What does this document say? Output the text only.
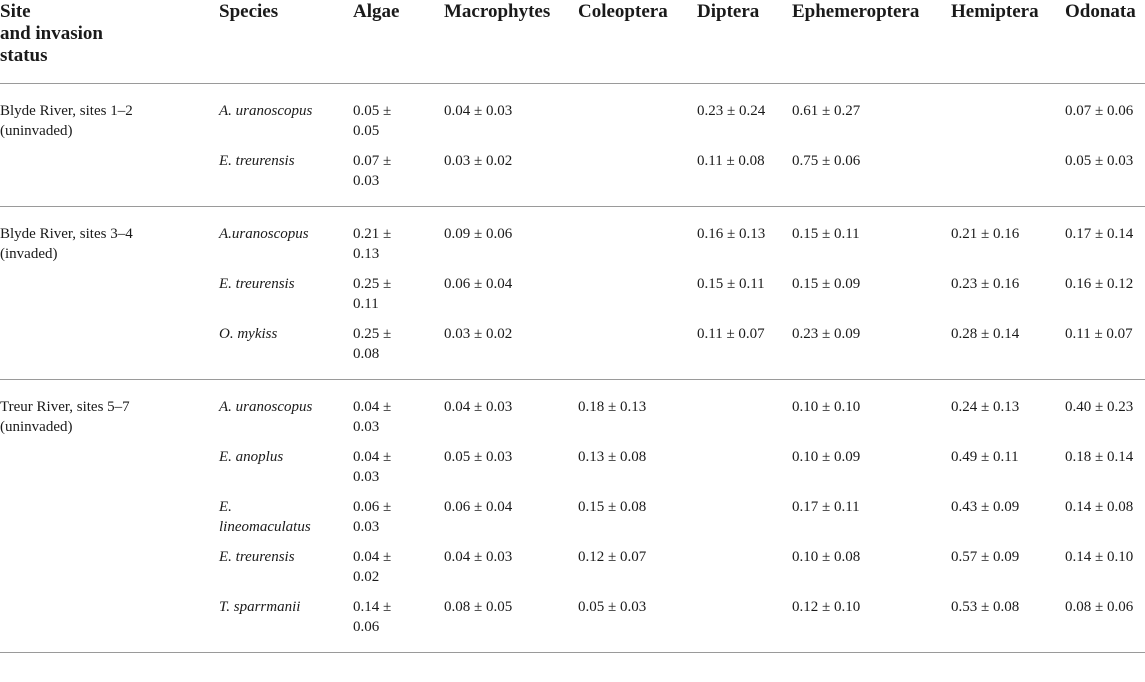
Site
and invasion
status	Species	Algae	Macrophytes	Coleoptera	Diptera	Ephemeroptera	Hemiptera	Odonata
Blyde River, sites 1–2
(uninvaded)	A. uranoscopus	0.05 ±
0.05	0.04 ± 0.03		0.23 ± 0.24	0.61 ± 0.27		0.07 ± 0.06
	E. treurensis	0.07 ±
0.03	0.03 ± 0.02		0.11 ± 0.08	0.75 ± 0.06		0.05 ± 0.03
Blyde River, sites 3–4
(invaded)	A.uranoscopus	0.21 ±
0.13	0.09 ± 0.06		0.16 ± 0.13	0.15 ± 0.11	0.21 ± 0.16	0.17 ± 0.14
	E. treurensis	0.25 ±
0.11	0.06 ± 0.04		0.15 ± 0.11	0.15 ± 0.09	0.23 ± 0.16	0.16 ± 0.12
	O. mykiss	0.25 ±
0.08	0.03 ± 0.02		0.11 ± 0.07	0.23 ± 0.09	0.28 ± 0.14	0.11 ± 0.07
Treur River, sites 5–7
(uninvaded)	A. uranoscopus	0.04 ±
0.03	0.04 ± 0.03	0.18 ± 0.13		0.10 ± 0.10	0.24 ± 0.13	0.40 ± 0.23
	E. anoplus	0.04 ±
0.03	0.05 ± 0.03	0.13 ± 0.08		0.10 ± 0.09	0.49 ± 0.11	0.18 ± 0.14
	E.
lineomaculatus	0.06 ±
0.03	0.06 ± 0.04	0.15 ± 0.08		0.17 ± 0.11	0.43 ± 0.09	0.14 ± 0.08
	E. treurensis	0.04 ±
0.02	0.04 ± 0.03	0.12 ± 0.07		0.10 ± 0.08	0.57 ± 0.09	0.14 ± 0.10
	T. sparrmanii	0.14 ±
0.06	0.08 ± 0.05	0.05 ± 0.03		0.12 ± 0.10	0.53 ± 0.08	0.08 ± 0.06
